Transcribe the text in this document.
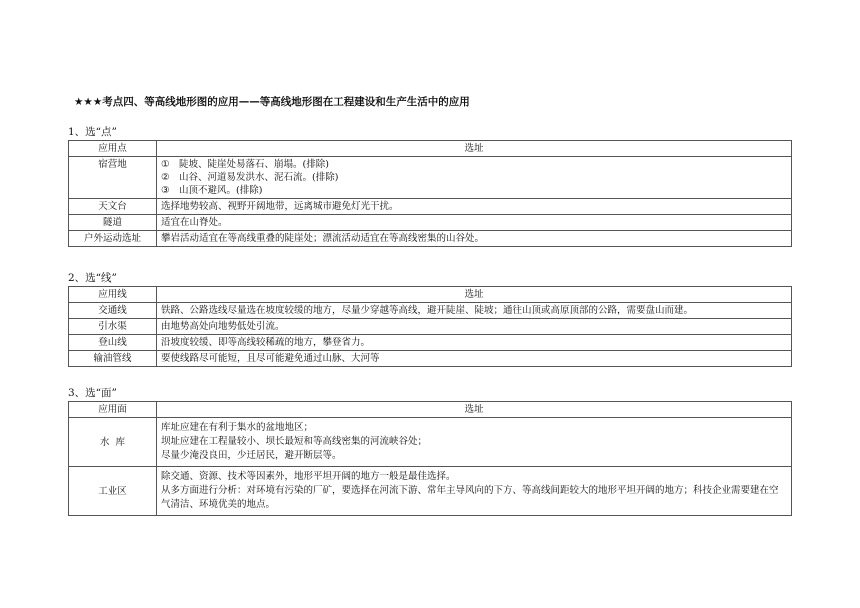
★★★考点四、等高线地形图的应用——等高线地形图在工程建设和生产生活中的应用
1、选“点”
应用点	选址
宿营地	① 陡坡、陡崖处易落石、崩塌。(排除)
② 山谷、河道易发洪水、泥石流。(排除)
③ 山顶不避风。(排除)

天文台	选择地势较高、视野开阔地带，远离城市避免灯光干扰。
隧道	适宜在山脊处。
户外运动选址	攀岩活动适宜在等高线重叠的陡崖处；漂流活动适宜在等高线密集的山谷处。
2、选“线”
应用线	选址
交通线	铁路、公路选线尽量选在坡度较缓的地方，尽量少穿越等高线，避开陡崖、陡坡；通往山顶或高原顶部的公路，需要盘山而建。
引水渠	由地势高处向地势低处引流。
登山线	沿坡度较缓、即等高线较稀疏的地方，攀登省力。
输油管线	要使线路尽可能短，且尽可能避免通过山脉、大河等
3、选“面”
应用面	选址
水  库	库址应建在有利于集水的盆地地区；
坝址应建在工程量较小、坝长最短和等高线密集的河流峡谷处；
尽量少淹没良田，少迁居民，避开断层等。

工业区	除交通、资源、技术等因素外，地形平坦开阔的地方一般是最佳选择。
从多方面进行分析：对环境有污染的厂矿，要选择在河流下游、常年主导风向的下方、等高线间距较大的地形平坦开阔的地方；科技企业需要建在空气清洁、环境优美的地点。
